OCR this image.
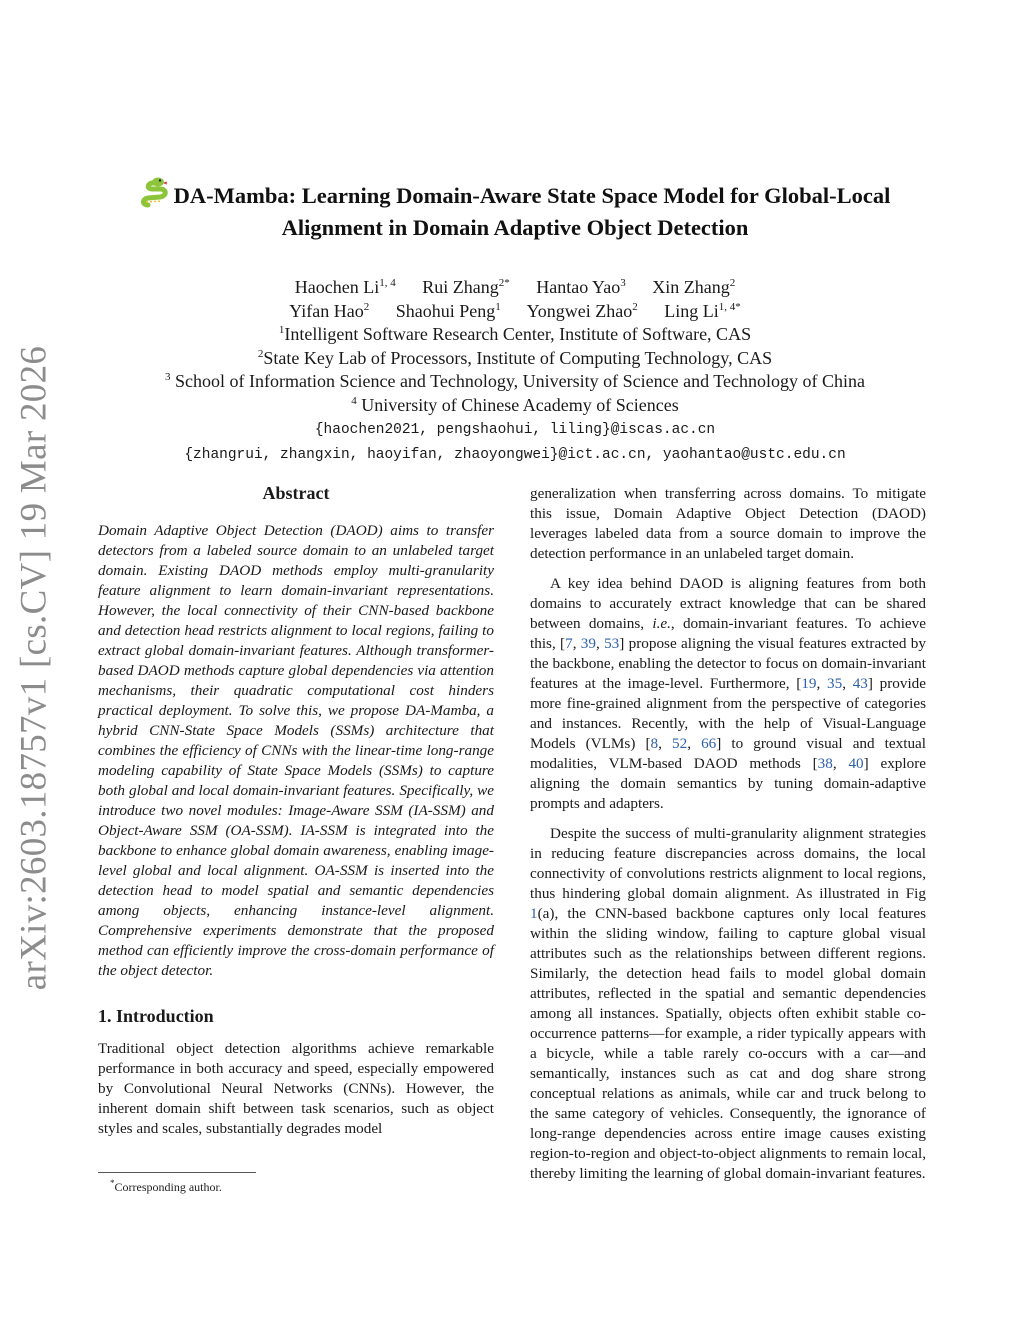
arXiv:2603.18757v1 [cs.CV] 19 Mar 2026
DA-Mamba: Learning Domain-Aware State Space Model for Global-Local
Alignment in Domain Adaptive Object Detection
Haochen Li$^{1, 4}$ Rui Zhang$^{2*}$ Hantao Yao$^3$ Xin Zhang$^2$
Yifan Hao$^2$ Shaohui Peng$^1$ Yongwei Zhao$^2$ Ling $Li^{1, 4*}$
$^1$Intelligent Software Research Center, Institute of Software, CAS
$^2$State Key Lab of Processors, Institute of Computing Technology, CAS
$^3$ School of Information Science and Technology, University of Science and Technology of China
$^4$ University of Chinese Academy of Sciences
{haochen2021, pengshaohui, liling}@iscas.ac.cn
{zhangrui, zhangxin, haoyifan, zhaoyongwei}@ict.ac.cn, yaohantao@ustc.edu.cn
Abstract

Domain Adaptive Object Detection (DAOD) aims to transfer detectors from a labeled source domain to an unlabeled target domain. Existing DAOD methods employ multi-granularity feature alignment to learn domain-invariant representations. However, the local connectivity of their CNN-based backbone and detection head restricts alignment to local regions, failing to extract global domain-invariant features. Although transformer-based DAOD methods capture global dependencies via attention mechanisms, their quadratic computational cost hinders practical deployment. To solve this, we propose DA-Mamba, a hybrid CNN-State Space Models (SSMs) architecture that combines the efficiency of CNNs with the linear-time long-range modeling capability of State Space Models (SSMs) to capture both global and local domain-invariant features. Specifically, we introduce two novel modules: Image-Aware SSM (IA-SSM) and Object-Aware SSM (OA-SSM). IA-SSM is integrated into the backbone to enhance global domain awareness, enabling image-level global and local alignment. OA-SSM is inserted into the detection head to model spatial and semantic dependencies among objects, enhancing instance-level alignment. Comprehensive experiments demonstrate that the proposed method can efficiently improve the cross-domain performance of the object detector.

1. Introduction

Traditional object detection algorithms achieve remarkable performance in both accuracy and speed, especially empowered by Convolutional Neural Networks (CNNs). However, the inherent domain shift between task scenarios, such as object styles and scales, substantially degrades model

generalization when transferring across domains. To mitigate this issue, Domain Adaptive Object Detection (DAOD) leverages labeled data from a source domain to improve the detection performance in an unlabeled target domain.

A key idea behind DAOD is aligning features from both domains to accurately extract knowledge that can be shared between domains, i.e., domain-invariant features. To achieve this, [7, 39, 53] propose aligning the visual features extracted by the backbone, enabling the detector to focus on domain-invariant features at the image-level. Furthermore, [19, 35, 43] provide more fine-grained alignment from the perspective of categories and instances. Recently, with the help of Visual-Language Models (VLMs) [8, 52, 66] to ground visual and textual modalities, VLM-based DAOD methods [38, 40] explore aligning the domain semantics by tuning domain-adaptive prompts and adapters.

Despite the success of multi-granularity alignment strategies in reducing feature discrepancies across domains, the local connectivity of convolutions restricts alignment to local regions, thus hindering global domain alignment. As illustrated in Fig 1(a), the CNN-based backbone captures only local features within the sliding window, failing to capture global visual attributes such as the relationships between different regions. Similarly, the detection head fails to model global domain attributes, reflected in the spatial and semantic dependencies among all instances. Spatially, objects often exhibit stable co-occurrence patterns—for example, a rider typically appears with a bicycle, while a table rarely co-occurs with a car—and semantically, instances such as cat and dog share strong conceptual relations as animals, while car and truck belong to the same category of vehicles. Consequently, the ignorance of long-range dependencies across entire image causes existing region-to-region and object-to-object alignments to remain local, thereby limiting the learning of global domain-invariant features.

*Corresponding author.
